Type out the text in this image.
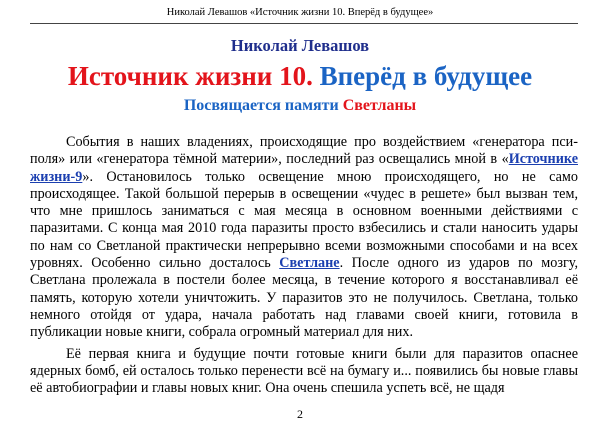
Николай Левашов «Источник жизни 10. Вперёд в будущее»
Николай Левашов
Источник жизни 10. Вперёд в будущее
Посвящается памяти Светланы

События в наших владениях, происходящие про воздействием «генератора пси-поля» или «генератора тёмной материи», последний раз освещались мной в «Источнике жизни-9». Остановилось только освещение мною происходящего, но не само происходящее. Такой большой перерыв в освещении «чудес в решете» был вызван тем, что мне пришлось заниматься с мая месяца в основном военными действиями с паразитами. С конца мая 2010 года паразиты просто взбесились и стали наносить удары по нам со Светланой практически непрерывно всеми возможными способами и на всех уровнях. Особенно сильно досталось Светлане. После одного из ударов по мозгу, Светлана пролежала в постели более месяца, в течение которого я восстанавливал её память, которую хотели уничтожить. У паразитов это не получилось. Светлана, только немного отойдя от удара, начала работать над главами своей книги, готовила в публикации новые книги, собрала огромный материал для них.

Её первая книга и будущие почти готовые книги были для паразитов опаснее ядерных бомб, ей осталось только перенести всё на бумагу и... появились бы новые главы её автобиографии и главы новых книг. Она очень спешила успеть всё, не щадя

2
